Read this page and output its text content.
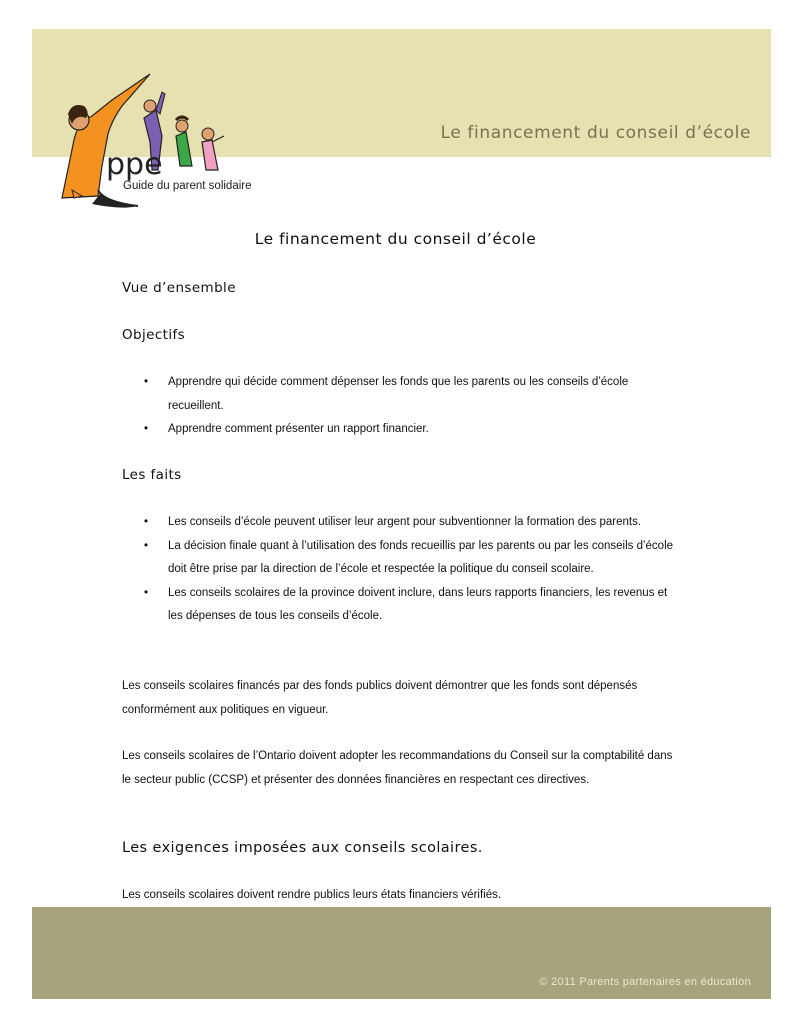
Le financement du conseil d’école
ppe
Guide du parent solidaire
Le financement du conseil d’école
Vue d’ensemble
Objectifs
• Apprendre qui décide comment dépenser les fonds que les parents ou les conseils d’école recueillent.
• Apprendre comment présenter un rapport financier.
Les faits
• Les conseils d’école peuvent utiliser leur argent pour subventionner la formation des parents.
• La décision finale quant à l’utilisation des fonds recueillis par les parents ou par les conseils d’école doit être prise par la direction de l’école et respectée la politique du conseil scolaire.
• Les conseils scolaires de la province doivent inclure, dans leurs rapports financiers, les revenus et les dépenses de tous les conseils d’école.
Les conseils scolaires financés par des fonds publics doivent démontrer que les fonds sont dépensés conformément aux politiques en vigueur.
Les conseils scolaires de l’Ontario doivent adopter les recommandations du Conseil sur la comptabilité dans le secteur public (CCSP) et présenter des données financières en respectant ces directives.
Les exigences imposées aux conseils scolaires.
Les conseils scolaires doivent rendre publics leurs états financiers vérifiés.
© 2011 Parents partenaires en éducation
